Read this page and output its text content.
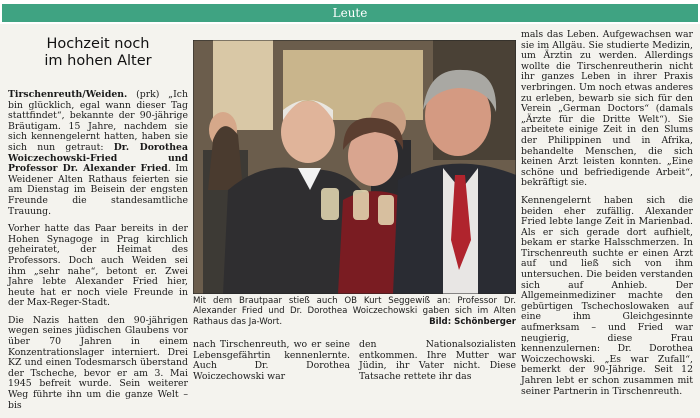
Leute
Hochzeit noch
im hohen Alter

Tirschenreuth/Weiden. (prk) „Ich bin glücklich, egal wann dieser Tag stattfindet“, bekannte der 90-jährige Bräutigam. 15 Jahre, nachdem sie sich kennengelernt hatten, haben sie sich nun getraut: Dr. Dorothea Woiczechowski-Fried und Professor Dr. Alexander Fried. Im Weidener Alten Rathaus feierten sie am Dienstag im Beisein der engsten Freunde die standesamtliche Trauung.

Vorher hatte das Paar bereits in der Hohen Synagoge in Prag kirchlich geheiratet, der Heimat des Professors. Doch auch Weiden sei ihm „sehr nahe“, betont er. Zwei Jahre lebte Alexander Fried hier, heute hat er noch viele Freunde in der Max-Reger-Stadt.

Die Nazis hatten den 90-jährigen wegen seines jüdischen Glaubens vor über 70 Jahren in einem Konzentrationslager interniert. Drei KZ und einen Todesmarsch überstand der Tscheche, bevor er am 3. Mai 1945 befreit wurde. Sein weiterer Weg führte ihn um die ganze Welt – bis

Mit dem Brautpaar stieß auch OB Kurt Seggewiß an: Professor Dr. Alexander Fried und Dr. Dorothea Woiczechowski gaben sich im Alten Rathaus das Ja-Wort.	Bild: Schönberger

nach Tirschenreuth, wo er seine Lebensgefährtin kennenlernte. Auch Dr. Dorothea Woiczechowski war

den Nationalsozialisten entkommen. Ihre Mutter war Jüdin, ihr Vater nicht. Diese Tatsache rettete ihr das

mals das Leben. Aufgewachsen war sie im Allgäu. Sie studierte Medizin, um Ärztin zu werden. Allerdings wollte die Tirschenreutherin nicht ihr ganzes Leben in ihrer Praxis verbringen. Um noch etwas anderes zu erleben, bewarb sie sich für den Verein „German Doctors“ (damals „Ärzte für die Dritte Welt“). Sie arbeitete einige Zeit in den Slums der Philippinen und in Afrika, behandelte Menschen, die sich keinen Arzt leisten konnten. „Eine schöne und befriedigende Arbeit“, bekräftigt sie.

Kennengelernt haben sich die beiden eher zufällig. Alexander Fried lebte lange Zeit in Marienbad. Als er sich gerade dort aufhielt, bekam er starke Halsschmerzen. In Tirschenreuth suchte er einen Arzt auf und ließ sich von ihm untersuchen. Die beiden verstanden sich auf Anhieb. Der Allgemeinmediziner machte den gebürtigen Tschechoslowaken auf eine ihm Gleichgesinnte aufmerksam – und Fried war neugierig, diese Frau kennenzulernen: Dr. Dorothea Woiczechowski. „Es war Zufall“, bemerkt der 90-Jährige. Seit 12 Jahren lebt er schon zusammen mit seiner Partnerin in Tirschenreuth.
